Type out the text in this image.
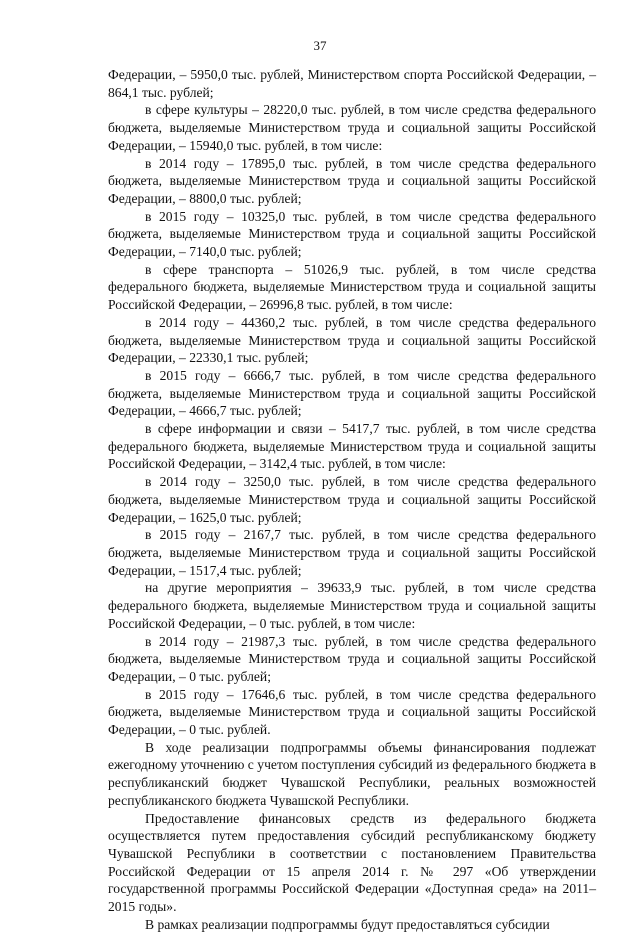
37

Федерации, – 5950,0 тыс. рублей, Министерством спорта Российской Федерации, – 864,1 тыс. рублей;

в сфере культуры – 28220,0 тыс. рублей, в том числе средства федерального бюджета, выделяемые Министерством труда и социальной защиты Российской Федерации, – 15940,0 тыс. рублей, в том числе:

в 2014 году – 17895,0 тыс. рублей, в том числе средства федерального бюджета, выделяемые Министерством труда и социальной защиты Российской Федерации, – 8800,0 тыс. рублей;

в 2015 году – 10325,0 тыс. рублей, в том числе средства федерального бюджета, выделяемые Министерством труда и социальной защиты Российской Федерации, – 7140,0 тыс. рублей;

в сфере транспорта – 51026,9 тыс. рублей, в том числе средства федерального бюджета, выделяемые Министерством труда и социальной защиты Российской Федерации, – 26996,8 тыс. рублей, в том числе:

в 2014 году – 44360,2 тыс. рублей, в том числе средства федерального бюджета, выделяемые Министерством труда и социальной защиты Российской Федерации, – 22330,1 тыс. рублей;

в 2015 году – 6666,7 тыс. рублей, в том числе средства федерального бюджета, выделяемые Министерством труда и социальной защиты Российской Федерации, – 4666,7 тыс. рублей;

в сфере информации и связи – 5417,7 тыс. рублей, в том числе средства федерального бюджета, выделяемые Министерством труда и социальной защиты Российской Федерации, – 3142,4 тыс. рублей, в том числе:

в 2014 году – 3250,0 тыс. рублей, в том числе средства федерального бюджета, выделяемые Министерством труда и социальной защиты Российской Федерации, – 1625,0 тыс. рублей;

в 2015 году – 2167,7 тыс. рублей, в том числе средства федерального бюджета, выделяемые Министерством труда и социальной защиты Российской Федерации, – 1517,4 тыс. рублей;

на другие мероприятия – 39633,9 тыс. рублей, в том числе средства федерального бюджета, выделяемые Министерством труда и социальной защиты Российской Федерации, – 0 тыс. рублей, в том числе:

в 2014 году – 21987,3 тыс. рублей, в том числе средства федерального бюджета, выделяемые Министерством труда и социальной защиты Российской Федерации, – 0 тыс. рублей;

в 2015 году – 17646,6 тыс. рублей, в том числе средства федерального бюджета, выделяемые Министерством труда и социальной защиты Российской Федерации, – 0 тыс. рублей.

В ходе реализации подпрограммы объемы финансирования подлежат ежегодному уточнению с учетом поступления субсидий из федерального бюджета в республиканский бюджет Чувашской Республики, реальных возможностей республиканского бюджета Чувашской Республики.

Предоставление финансовых средств из федерального бюджета осуществляется путем предоставления субсидий республиканскому бюджету Чувашской Республики в соответствии с постановлением Правительства Российской Федерации от 15 апреля 2014 г. № 297 «Об утверждении государственной программы Российской Федерации «Доступная среда» на 2011–2015 годы».

В рамках реализации подпрограммы будут предоставляться субсидии
